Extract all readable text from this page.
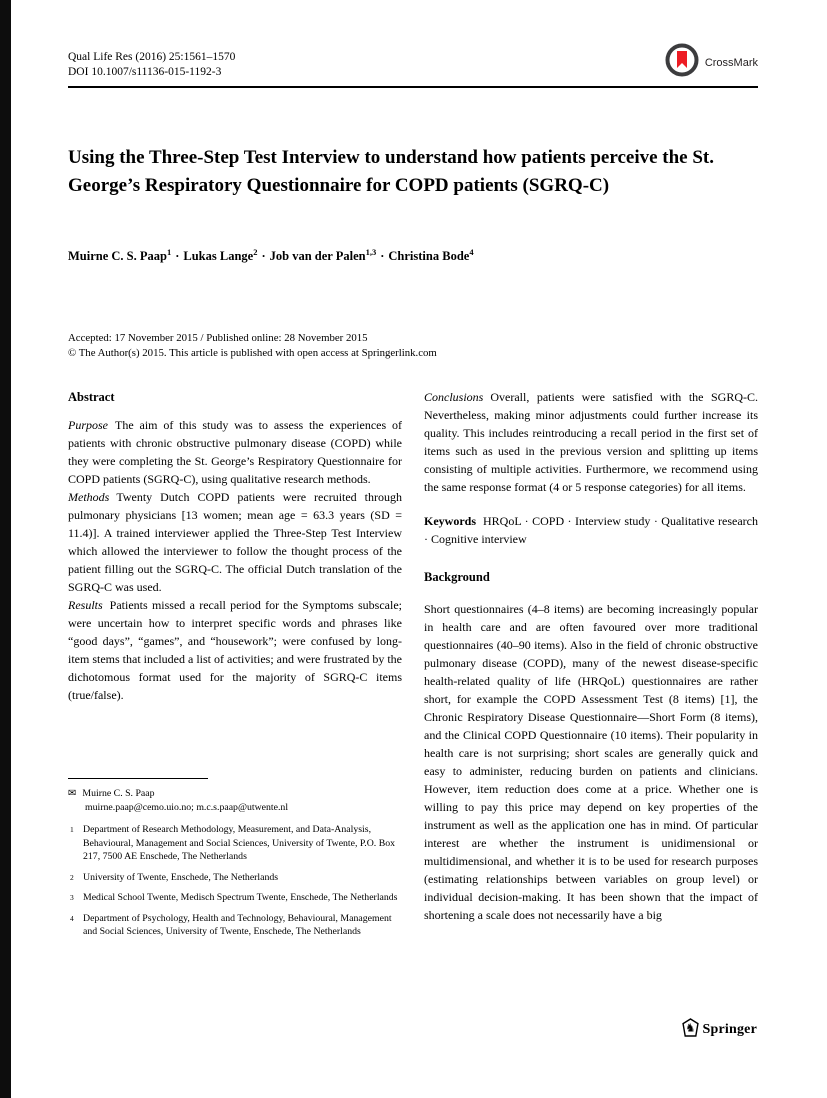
Qual Life Res (2016) 25:1561–1570
DOI 10.1007/s11136-015-1192-3
CrossMark
Using the Three-Step Test Interview to understand how patients perceive the St. George’s Respiratory Questionnaire for COPD patients (SGRQ-C)
Muirne C. S. Paap$^1$ · Lukas Lange$^2$ · Job van der Palen$^{1,3}$ · Christina Bode$^4$
Accepted: 17 November 2015 / Published online: 28 November 2015
© The Author(s) 2015. This article is published with open access at Springerlink.com
Abstract

Purpose The aim of this study was to assess the experiences of patients with chronic obstructive pulmonary disease (COPD) while they were completing the St. George’s Respiratory Questionnaire for COPD patients (SGRQ-C), using qualitative research methods.

Methods Twenty Dutch COPD patients were recruited through pulmonary physicians [13 women; mean age = 63.3 years (SD = 11.4)]. A trained interviewer applied the Three-Step Test Interview which allowed the interviewer to follow the thought process of the patient filling out the SGRQ-C. The official Dutch translation of the SGRQ-C was used.

Results Patients missed a recall period for the Symptoms subscale; were uncertain how to interpret specific words and phrases like “good days”, “games”, and “housework”; were confused by long-item stems that included a list of activities; and were frustrated by the dichotomous format used for the majority of SGRQ-C items (true/false).

Conclusions Overall, patients were satisfied with the SGRQ-C. Nevertheless, making minor adjustments could further increase its quality. This includes reintroducing a recall period in the first set of items such as used in the previous version and splitting up items consisting of multiple activities. Furthermore, we recommend using the same response format (4 or 5 response categories) for all items.

Keywords HRQoL · COPD · Interview study · Qualitative research · Cognitive interview

Background

Short questionnaires (4–8 items) are becoming increasingly popular in health care and are often favoured over more traditional questionnaires (40–90 items). Also in the field of chronic obstructive pulmonary disease (COPD), many of the newest disease-specific health-related quality of life (HRQoL) questionnaires are rather short, for example the COPD Assessment Test (8 items) [1], the Chronic Respiratory Disease Questionnaire—Short Form (8 items), and the Clinical COPD Questionnaire (10 items). Their popularity in health care is not surprising; short scales are generally quick and easy to administer, reducing burden on patients and clinicians. However, item reduction does come at a price. Whether one is willing to pay this price may depend on key properties of the instrument as well as the application one has in mind. Of particular interest are whether the instrument is unidimensional or multidimensional, and whether it is to be used for research purposes (estimating relationships between variables on group level) or individual decision-making. It has been shown that the impact of shortening a scale does not necessarily have a big

✉ Muirne C. S. Paap
muirne.paap@cemo.uio.no; m.c.s.paap@utwente.nl
1 Department of Research Methodology, Measurement, and Data-Analysis, Behavioural, Management and Social Sciences, University of Twente, P.O. Box 217, 7500 AE Enschede, The Netherlands
2 University of Twente, Enschede, The Netherlands
3 Medical School Twente, Medisch Spectrum Twente, Enschede, The Netherlands
4 Department of Psychology, Health and Technology, Behavioural, Management and Social Sciences, University of Twente, Enschede, The Netherlands
♞ Springer
